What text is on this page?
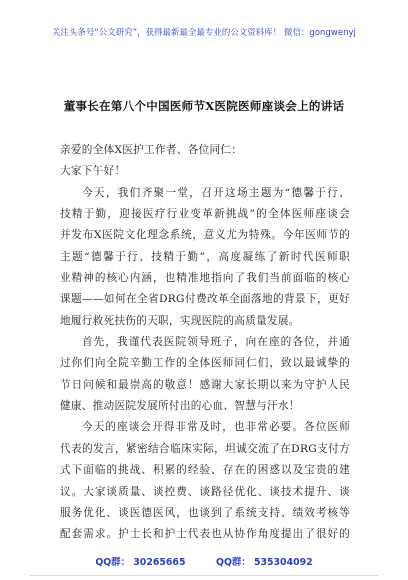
关注头条号“公文研究”，获得最新最全最专业的公文资料库！ 微信：gongwenyj
董事长在第八个中国医师节X医院医师座谈会上的讲话
亲爱的全体X医护工作者、各位同仁：
大家下午好！
今天，我们齐聚一堂，召开这场主题为“德馨于行、
技精于勤，迎接医疗行业变革新挑战”的全体医师座谈会
并发布X医院文化理念系统，意义尤为特殊。今年医师节的
主题“德馨于行、技精于勤”，高度凝练了新时代医师职
业精神的核心内涵，也精准地指向了我们当前面临的核心
课题——如何在全省DRG付费改革全面落地的背景下，更好
地履行救死扶伤的天职，实现医院的高质量发展。
首先，我谨代表医院领导班子，向在座的各位，并通
过你们向全院辛勤工作的全体医师同仁们，致以最诚挚的
节日问候和最崇高的敬意！感谢大家长期以来为守护人民
健康、推动医院发展所付出的心血、智慧与汗水！
今天的座谈会开得非常及时，也非常必要。各位医师
代表的发言，紧密结合临床实际，坦诚交流了在DRG支付方
式下面临的挑战、积累的经验、存在的困惑以及宝贵的建
议。大家谈质量、谈控费、谈路径优化、谈技术提升、谈
服务优化、谈医德医风，也谈到了系统支持、绩效考核等
配套需求。护士长和护士代表也从协作角度提出了很好的
QQ群： 30265665	QQ群： 535304092
